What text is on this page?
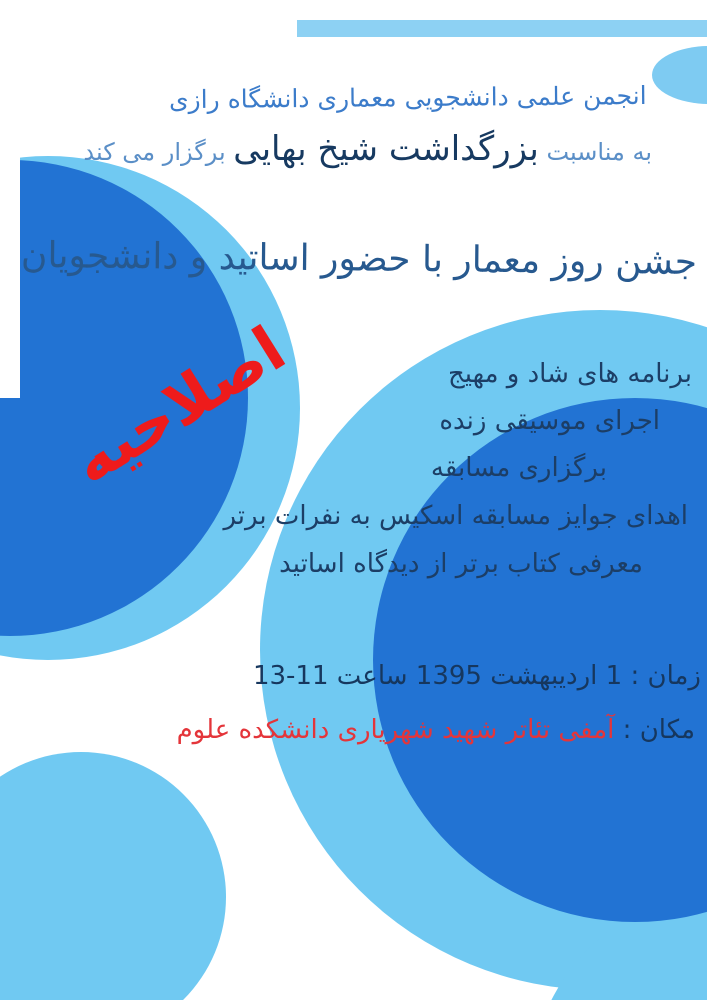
انجمن علمی دانشجویی معماری دانشگاه رازی
به مناسبت بزرگداشت شیخ بهایی برگزار می کند
جشن روز معمار با حضور اساتید و دانشجویان
اصلاحیه	برنامه های شاد و مهیج
اجرای موسیقی زنده
برگزاری مسابقه
اهدای جوایز مسابقه اسکیس به نفرات برتر
معرفی کتاب برتر از دیدگاه اساتید
زمان : 1 اردیبهشت 1395 ساعت 11-13
مکان : آمفی تئاتر شهید شهریاری دانشکده علوم
